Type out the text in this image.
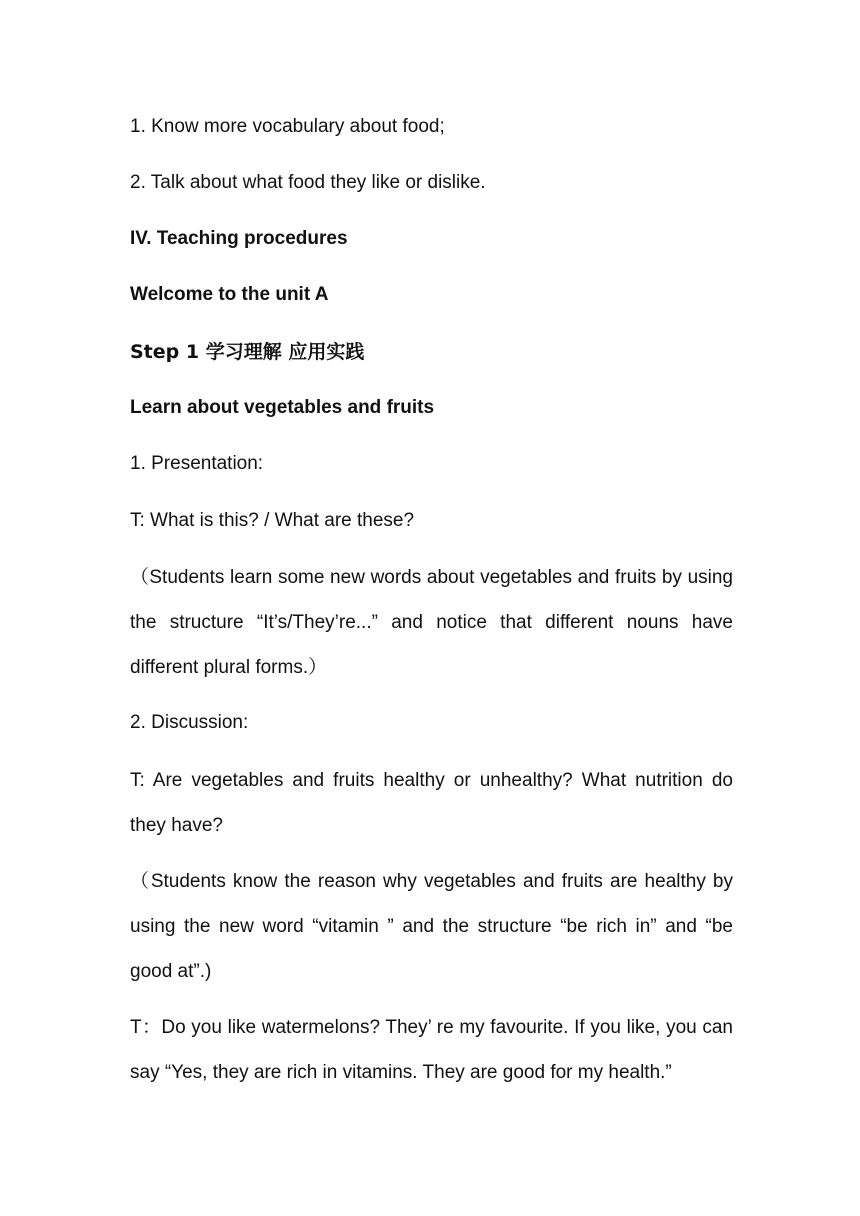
1. Know more vocabulary about food;
2. Talk about what food they like or dislike.
IV. Teaching procedures
Welcome to the unit A
Step 1 学习理解 应用实践
Learn about vegetables and fruits
1. Presentation:
T: What is this? / What are these?
（Students learn some new words about vegetables and fruits by using the structure “It’s/They’re...” and notice that different nouns have different plural forms.）
2. Discussion:
T: Are vegetables and fruits healthy or unhealthy? What nutrition do they have?
（Students know the reason why vegetables and fruits are healthy by using the new word “vitamin ” and the structure “be rich in” and “be good at”.)
T：Do you like watermelons? They’ re my favourite. If you like, you can say “Yes, they are rich in vitamins. They are good for my health.”
